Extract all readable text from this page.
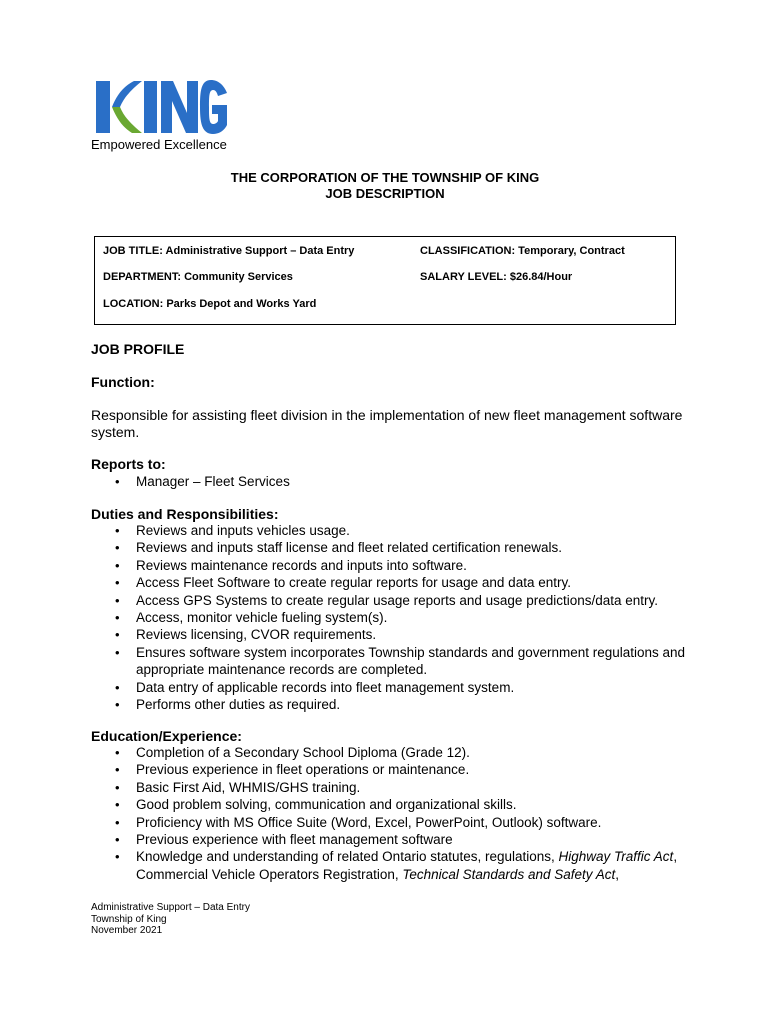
Empowered Excellence
THE CORPORATION OF THE TOWNSHIP OF KING
JOB DESCRIPTION
JOB TITLE: Administrative Support – Data Entry	CLASSIFICATION: Temporary, Contract
DEPARTMENT: Community Services	SALARY LEVEL: $26.84/Hour
LOCATION: Parks Depot and Works Yard
JOB PROFILE
Function:
Responsible for assisting fleet division in the implementation of new fleet management software system.
Reports to:
• Manager – Fleet Services
Duties and Responsibilities:
• Reviews and inputs vehicles usage.
• Reviews and inputs staff license and fleet related certification renewals.
• Reviews maintenance records and inputs into software.
• Access Fleet Software to create regular reports for usage and data entry.
• Access GPS Systems to create regular usage reports and usage predictions/data entry.
• Access, monitor vehicle fueling system(s).
• Reviews licensing, CVOR requirements.
• Ensures software system incorporates Township standards and government regulations and appropriate maintenance records are completed.
• Data entry of applicable records into fleet management system.
• Performs other duties as required.
Education/Experience:
• Completion of a Secondary School Diploma (Grade 12).
• Previous experience in fleet operations or maintenance.
• Basic First Aid, WHMIS/GHS training.
• Good problem solving, communication and organizational skills.
• Proficiency with MS Office Suite (Word, Excel, PowerPoint, Outlook) software.
• Previous experience with fleet management software
• Knowledge and understanding of related Ontario statutes, regulations, Highway Traffic Act, Commercial Vehicle Operators Registration, Technical Standards and Safety Act,
Administrative Support – Data Entry
Township of King
November 2021
